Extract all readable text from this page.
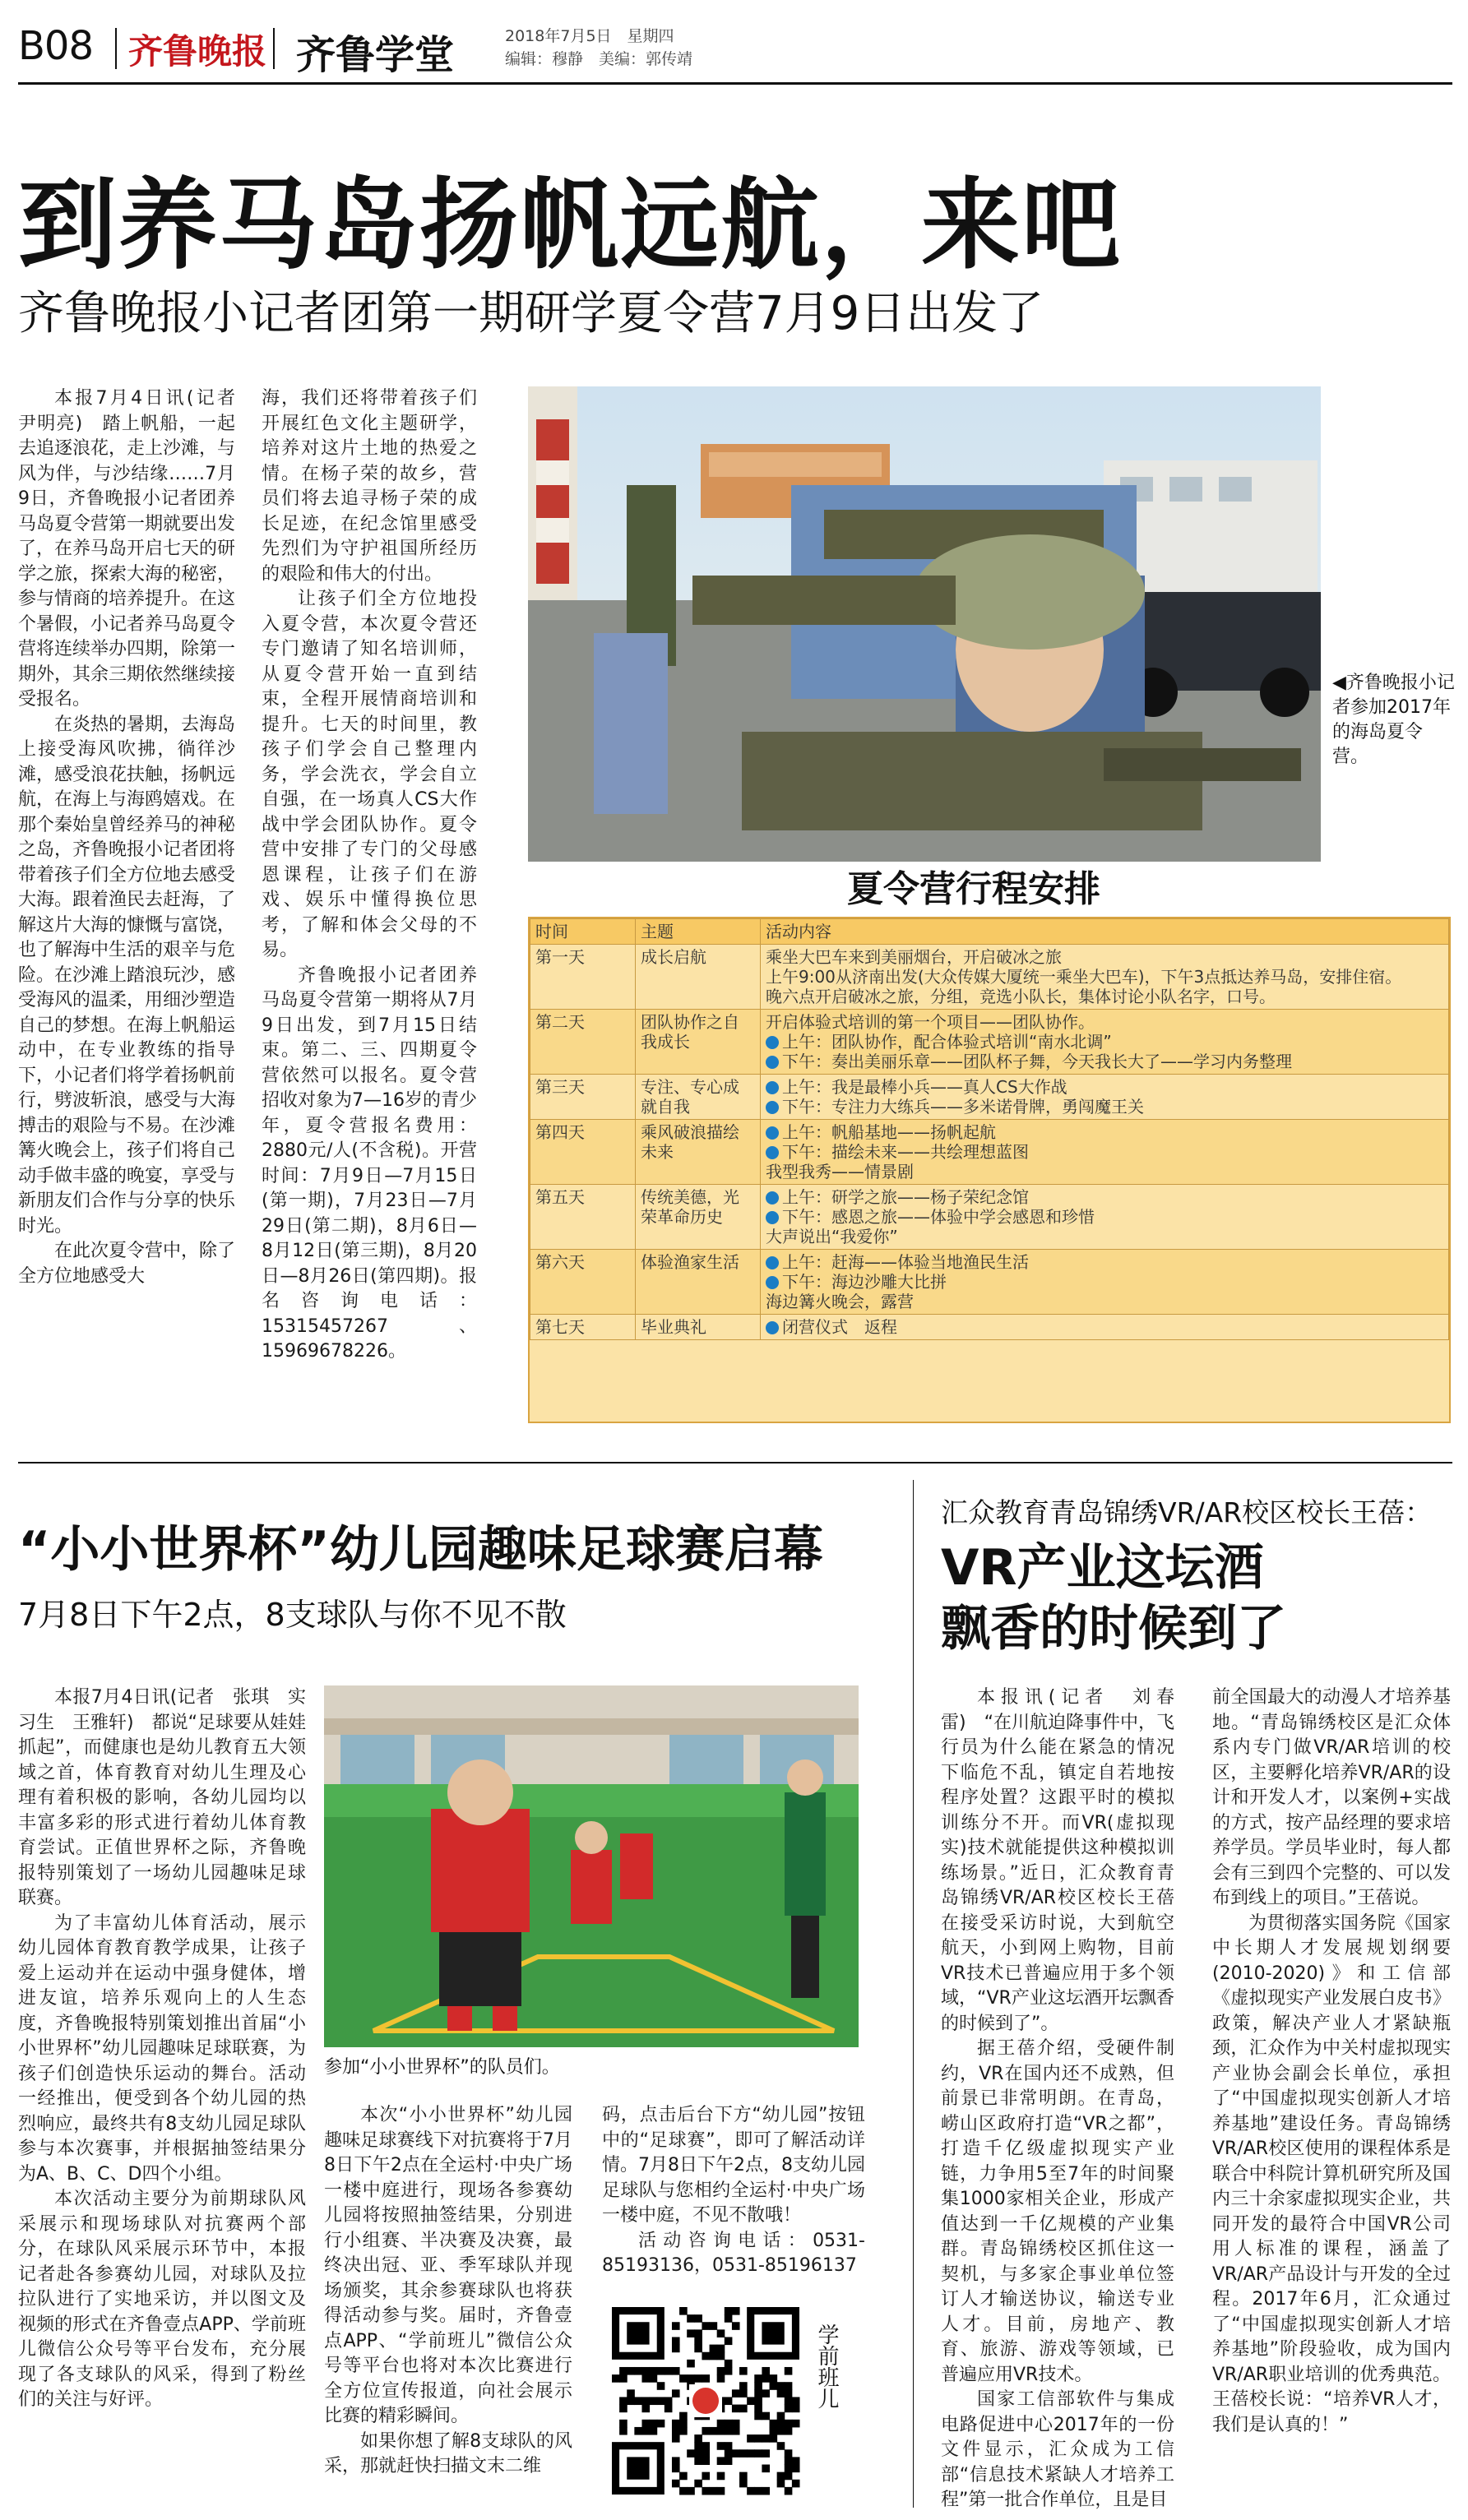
B08 齐鲁晚报 齐鲁学堂	2018年7月5日　星期四
编辑：穆静　美编：郭传靖
到养马岛扬帆远航，来吧
齐鲁晚报小记者团第一期研学夏令营7月9日出发了

本报7月4日讯(记者　尹明亮)　踏上帆船，一起去追逐浪花，走上沙滩，与风为伴，与沙结缘……7月9日，齐鲁晚报小记者团养马岛夏令营第一期就要出发了，在养马岛开启七天的研学之旅，探索大海的秘密，参与情商的培养提升。在这个暑假，小记者养马岛夏令营将连续举办四期，除第一期外，其余三期依然继续接受报名。

在炎热的暑期，去海岛上接受海风吹拂，徜徉沙滩，感受浪花扶触，扬帆远航，在海上与海鸥嬉戏。在那个秦始皇曾经养马的神秘之岛，齐鲁晚报小记者团将带着孩子们全方位地去感受大海。跟着渔民去赶海，了解这片大海的慷慨与富饶，也了解海中生活的艰辛与危险。在沙滩上踏浪玩沙，感受海风的温柔，用细沙塑造自己的梦想。在海上帆船运动中，在专业教练的指导下，小记者们将学着扬帆前行，劈波斩浪，感受与大海搏击的艰险与不易。在沙滩篝火晚会上，孩子们将自己动手做丰盛的晚宴，享受与新朋友们合作与分享的快乐时光。

在此次夏令营中，除了全方位地感受大

海，我们还将带着孩子们开展红色文化主题研学，培养对这片土地的热爱之情。在杨子荣的故乡，营员们将去追寻杨子荣的成长足迹，在纪念馆里感受先烈们为守护祖国所经历的艰险和伟大的付出。

让孩子们全方位地投入夏令营，本次夏令营还专门邀请了知名培训师，从夏令营开始一直到结束，全程开展情商培训和提升。七天的时间里，教孩子们学会自己整理内务，学会洗衣，学会自立自强，在一场真人CS大作战中学会团队协作。夏令营中安排了专门的父母感恩课程，让孩子们在游戏、娱乐中懂得换位思考，了解和体会父母的不易。

齐鲁晚报小记者团养马岛夏令营第一期将从7月9日出发，到7月15日结束。第二、三、四期夏令营依然可以报名。夏令营招收对象为7—16岁的青少年，夏令营报名费用：2880元/人(不含税)。开营时间：7月9日—7月15日(第一期)，7月23日—7月29日(第二期)，8月6日—8月12日(第三期)，8月20日—8月26日(第四期)。报名咨询电话：15315457267、15969678226。

◀齐鲁晚报小记者参加2017年的海岛夏令营。
夏令营行程安排
时间	主题	活动内容
第一天	成长启航	乘坐大巴车来到美丽烟台，开启破冰之旅
上午9:00从济南出发(大众传媒大厦统一乘坐大巴车)，下午3点抵达养马岛，安排住宿。
晚六点开启破冰之旅，分组，竞选小队长，集体讨论小队名字，口号。

第二天	团队协作之自我成长	开启体验式培训的第一个项目——团队协作。
上午：团队协作，配合体验式培训“南水北调”
下午：奏出美丽乐章——团队杯子舞，今天我长大了——学习内务整理

第三天	专注、专心成就自我	上午：我是最棒小兵——真人CS大作战
下午：专注力大练兵——多米诺骨牌，勇闯魔王关

第四天	乘风破浪描绘未来	上午：帆船基地——扬帆起航
下午：描绘未来——共绘理想蓝图
我型我秀——情景剧

第五天	传统美德，光荣革命历史	上午：研学之旅——杨子荣纪念馆
下午：感恩之旅——体验中学会感恩和珍惜
大声说出“我爱你”

第六天	体验渔家生活	上午：赶海——体验当地渔民生活
下午：海边沙雕大比拼
海边篝火晚会，露营

第七天	毕业典礼	闭营仪式　返程
“小小世界杯”幼儿园趣味足球赛启幕
7月8日下午2点，8支球队与你不见不散

本报7月4日讯(记者　张琪　实习生　王雅轩)　都说“足球要从娃娃抓起”，而健康也是幼儿教育五大领域之首，体育教育对幼儿生理及心理有着积极的影响，各幼儿园均以丰富多彩的形式进行着幼儿体育教育尝试。正值世界杯之际，齐鲁晚报特别策划了一场幼儿园趣味足球联赛。

为了丰富幼儿体育活动，展示幼儿园体育教育教学成果，让孩子爱上运动并在运动中强身健体，增进友谊，培养乐观向上的人生态度，齐鲁晚报特别策划推出首届“小小世界杯”幼儿园趣味足球联赛，为孩子们创造快乐运动的舞台。活动一经推出，便受到各个幼儿园的热烈响应，最终共有8支幼儿园足球队参与本次赛事，并根据抽签结果分为A、B、C、D四个小组。

本次活动主要分为前期球队风采展示和现场球队对抗赛两个部分，在球队风采展示环节中，本报记者赴各参赛幼儿园，对球队及拉拉队进行了实地采访，并以图文及视频的形式在齐鲁壹点APP、学前班儿微信公众号等平台发布，充分展现了各支球队的风采，得到了粉丝们的关注与好评。

参加“小小世界杯”的队员们。

本次“小小世界杯”幼儿园趣味足球赛线下对抗赛将于7月8日下午2点在全运村·中央广场一楼中庭进行，现场各参赛幼儿园将按照抽签结果，分别进行小组赛、半决赛及决赛，最终决出冠、亚、季军球队并现场颁奖，其余参赛球队也将获得活动参与奖。届时，齐鲁壹点APP、“学前班儿”微信公众号等平台也将对本次比赛进行全方位宣传报道，向社会展示比赛的精彩瞬间。

如果你想了解8支球队的风采，那就赶快扫描文末二维

码，点击后台下方“幼儿园”按钮中的“足球赛”，即可了解活动详情。7月8日下午2点，8支幼儿园足球队与您相约全运村·中央广场一楼中庭，不见不散哦！

活动咨询电话：0531-85193136，0531-85196137

学前班儿
汇众教育青岛锦绣VR/AR校区校长王蓓：
VR产业这坛酒
飘香的时候到了

本报讯(记者　刘春雷)　“在川航迫降事件中，飞行员为什么能在紧急的情况下临危不乱，镇定自若地按程序处置？这跟平时的模拟训练分不开。而VR(虚拟现实)技术就能提供这种模拟训练场景。”近日，汇众教育青岛锦绣VR/AR校区校长王蓓在接受采访时说，大到航空航天，小到网上购物，目前VR技术已普遍应用于多个领域，“VR产业这坛酒开坛飘香的时候到了”。

据王蓓介绍，受硬件制约，VR在国内还不成熟，但前景已非常明朗。在青岛，崂山区政府打造“VR之都”，打造千亿级虚拟现实产业链，力争用5至7年的时间聚集1000家相关企业，形成产值达到一千亿规模的产业集群。青岛锦绣校区抓住这一契机，与多家企事业单位签订人才输送协议，输送专业人才。目前，房地产、教育、旅游、游戏等领域，已普遍应用VR技术。

国家工信部软件与集成电路促进中心2017年的一份文件显示，汇众成为工信部“信息技术紧缺人才培养工程”第一批合作单位，且是目

前全国最大的动漫人才培养基地。“青岛锦绣校区是汇众体系内专门做VR/AR培训的校区，主要孵化培养VR/AR的设计和开发人才，以案例+实战的方式，按产品经理的要求培养学员。学员毕业时，每人都会有三到四个完整的、可以发布到线上的项目。”王蓓说。

为贯彻落实国务院《国家中长期人才发展规划纲要(2010-2020)》和工信部《虚拟现实产业发展白皮书》政策，解决产业人才紧缺瓶颈，汇众作为中关村虚拟现实产业协会副会长单位，承担了“中国虚拟现实创新人才培养基地”建设任务。青岛锦绣VR/AR校区使用的课程体系是联合中科院计算机研究所及国内三十余家虚拟现实企业，共同开发的最符合中国VR公司用人标准的课程，涵盖了VR/AR产品设计与开发的全过程。2017年6月，汇众通过了“中国虚拟现实创新人才培养基地”阶段验收，成为国内VR/AR职业培训的优秀典范。王蓓校长说：“培养VR人才，我们是认真的！”
